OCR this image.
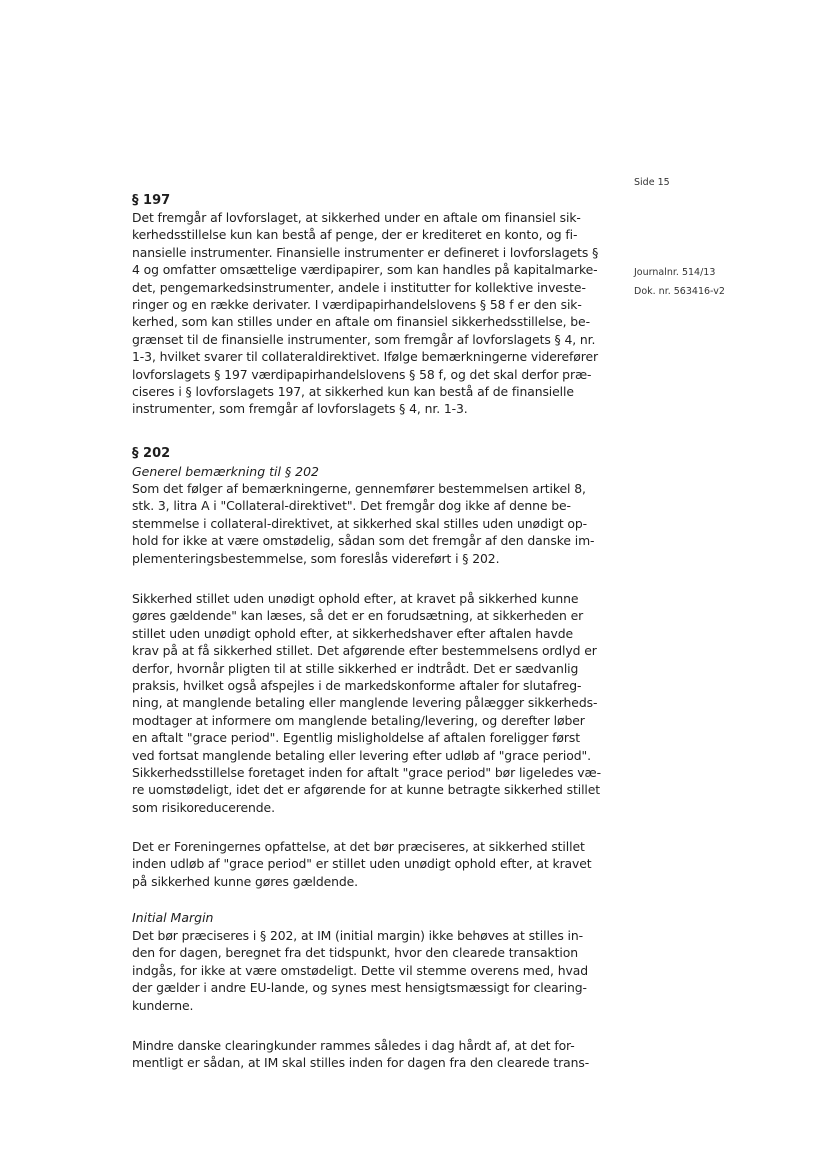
Side 15
Journalnr. 514/13
Dok. nr. 563416-v2
§ 197
Det fremgår af lovforslaget, at sikkerhed under en aftale om finansiel sik-
kerhedsstillelse kun kan bestå af penge, der er krediteret en konto, og fi-
nansielle instrumenter. Finansielle instrumenter er defineret i lovforslagets §
4 og omfatter omsættelige værdipapirer, som kan handles på kapitalmarke-
det, pengemarkedsinstrumenter, andele i institutter for kollektive investe-
ringer og en række derivater. I værdipapirhandelslovens § 58 f er den sik-
kerhed, som kan stilles under en aftale om finansiel sikkerhedsstillelse, be-
grænset til de finansielle instrumenter, som fremgår af lovforslagets § 4, nr.
1-3, hvilket svarer til collateraldirektivet. Ifølge bemærkningerne viderefører
lovforslagets § 197 værdipapirhandelslovens § 58 f, og det skal derfor præ-
ciseres i § lovforslagets 197, at sikkerhed kun kan bestå af de finansielle
instrumenter, som fremgår af lovforslagets § 4, nr. 1-3.
§ 202

Generel bemærkning til § 202

Som det følger af bemærkningerne, gennemfører bestemmelsen artikel 8,
stk. 3, litra A i "Collateral-direktivet". Det fremgår dog ikke af denne be-
stemmelse i collateral-direktivet, at sikkerhed skal stilles uden unødigt op-
hold for ikke at være omstødelig, sådan som det fremgår af den danske im-
plementeringsbestemmelse, som foreslås videreført i § 202.
Sikkerhed stillet uden unødigt ophold efter, at kravet på sikkerhed kunne
gøres gældende" kan læses, så det er en forudsætning, at sikkerheden er
stillet uden unødigt ophold efter, at sikkerhedshaver efter aftalen havde
krav på at få sikkerhed stillet. Det afgørende efter bestemmelsens ordlyd er
derfor, hvornår pligten til at stille sikkerhed er indtrådt. Det er sædvanlig
praksis, hvilket også afspejles i de markedskonforme aftaler for slutafreg-
ning, at manglende betaling eller manglende levering pålægger sikkerheds-
modtager at informere om manglende betaling/levering, og derefter løber
en aftalt "grace period". Egentlig misligholdelse af aftalen foreligger først
ved fortsat manglende betaling eller levering efter udløb af "grace period".
Sikkerhedsstillelse foretaget inden for aftalt "grace period" bør ligeledes væ-
re uomstødeligt, idet det er afgørende for at kunne betragte sikkerhed stillet
som risikoreducerende.
Det er Foreningernes opfattelse, at det bør præciseres, at sikkerhed stillet
inden udløb af "grace period" er stillet uden unødigt ophold efter, at kravet
på sikkerhed kunne gøres gældende.

Initial Margin

Det bør præciseres i § 202, at IM (initial margin) ikke behøves at stilles in-
den for dagen, beregnet fra det tidspunkt, hvor den clearede transaktion
indgås, for ikke at være omstødeligt. Dette vil stemme overens med, hvad
der gælder i andre EU-lande, og synes mest hensigtsmæssigt for clearing-
kunderne.
Mindre danske clearingkunder rammes således i dag hårdt af, at det for-
mentligt er sådan, at IM skal stilles inden for dagen fra den clearede trans-
